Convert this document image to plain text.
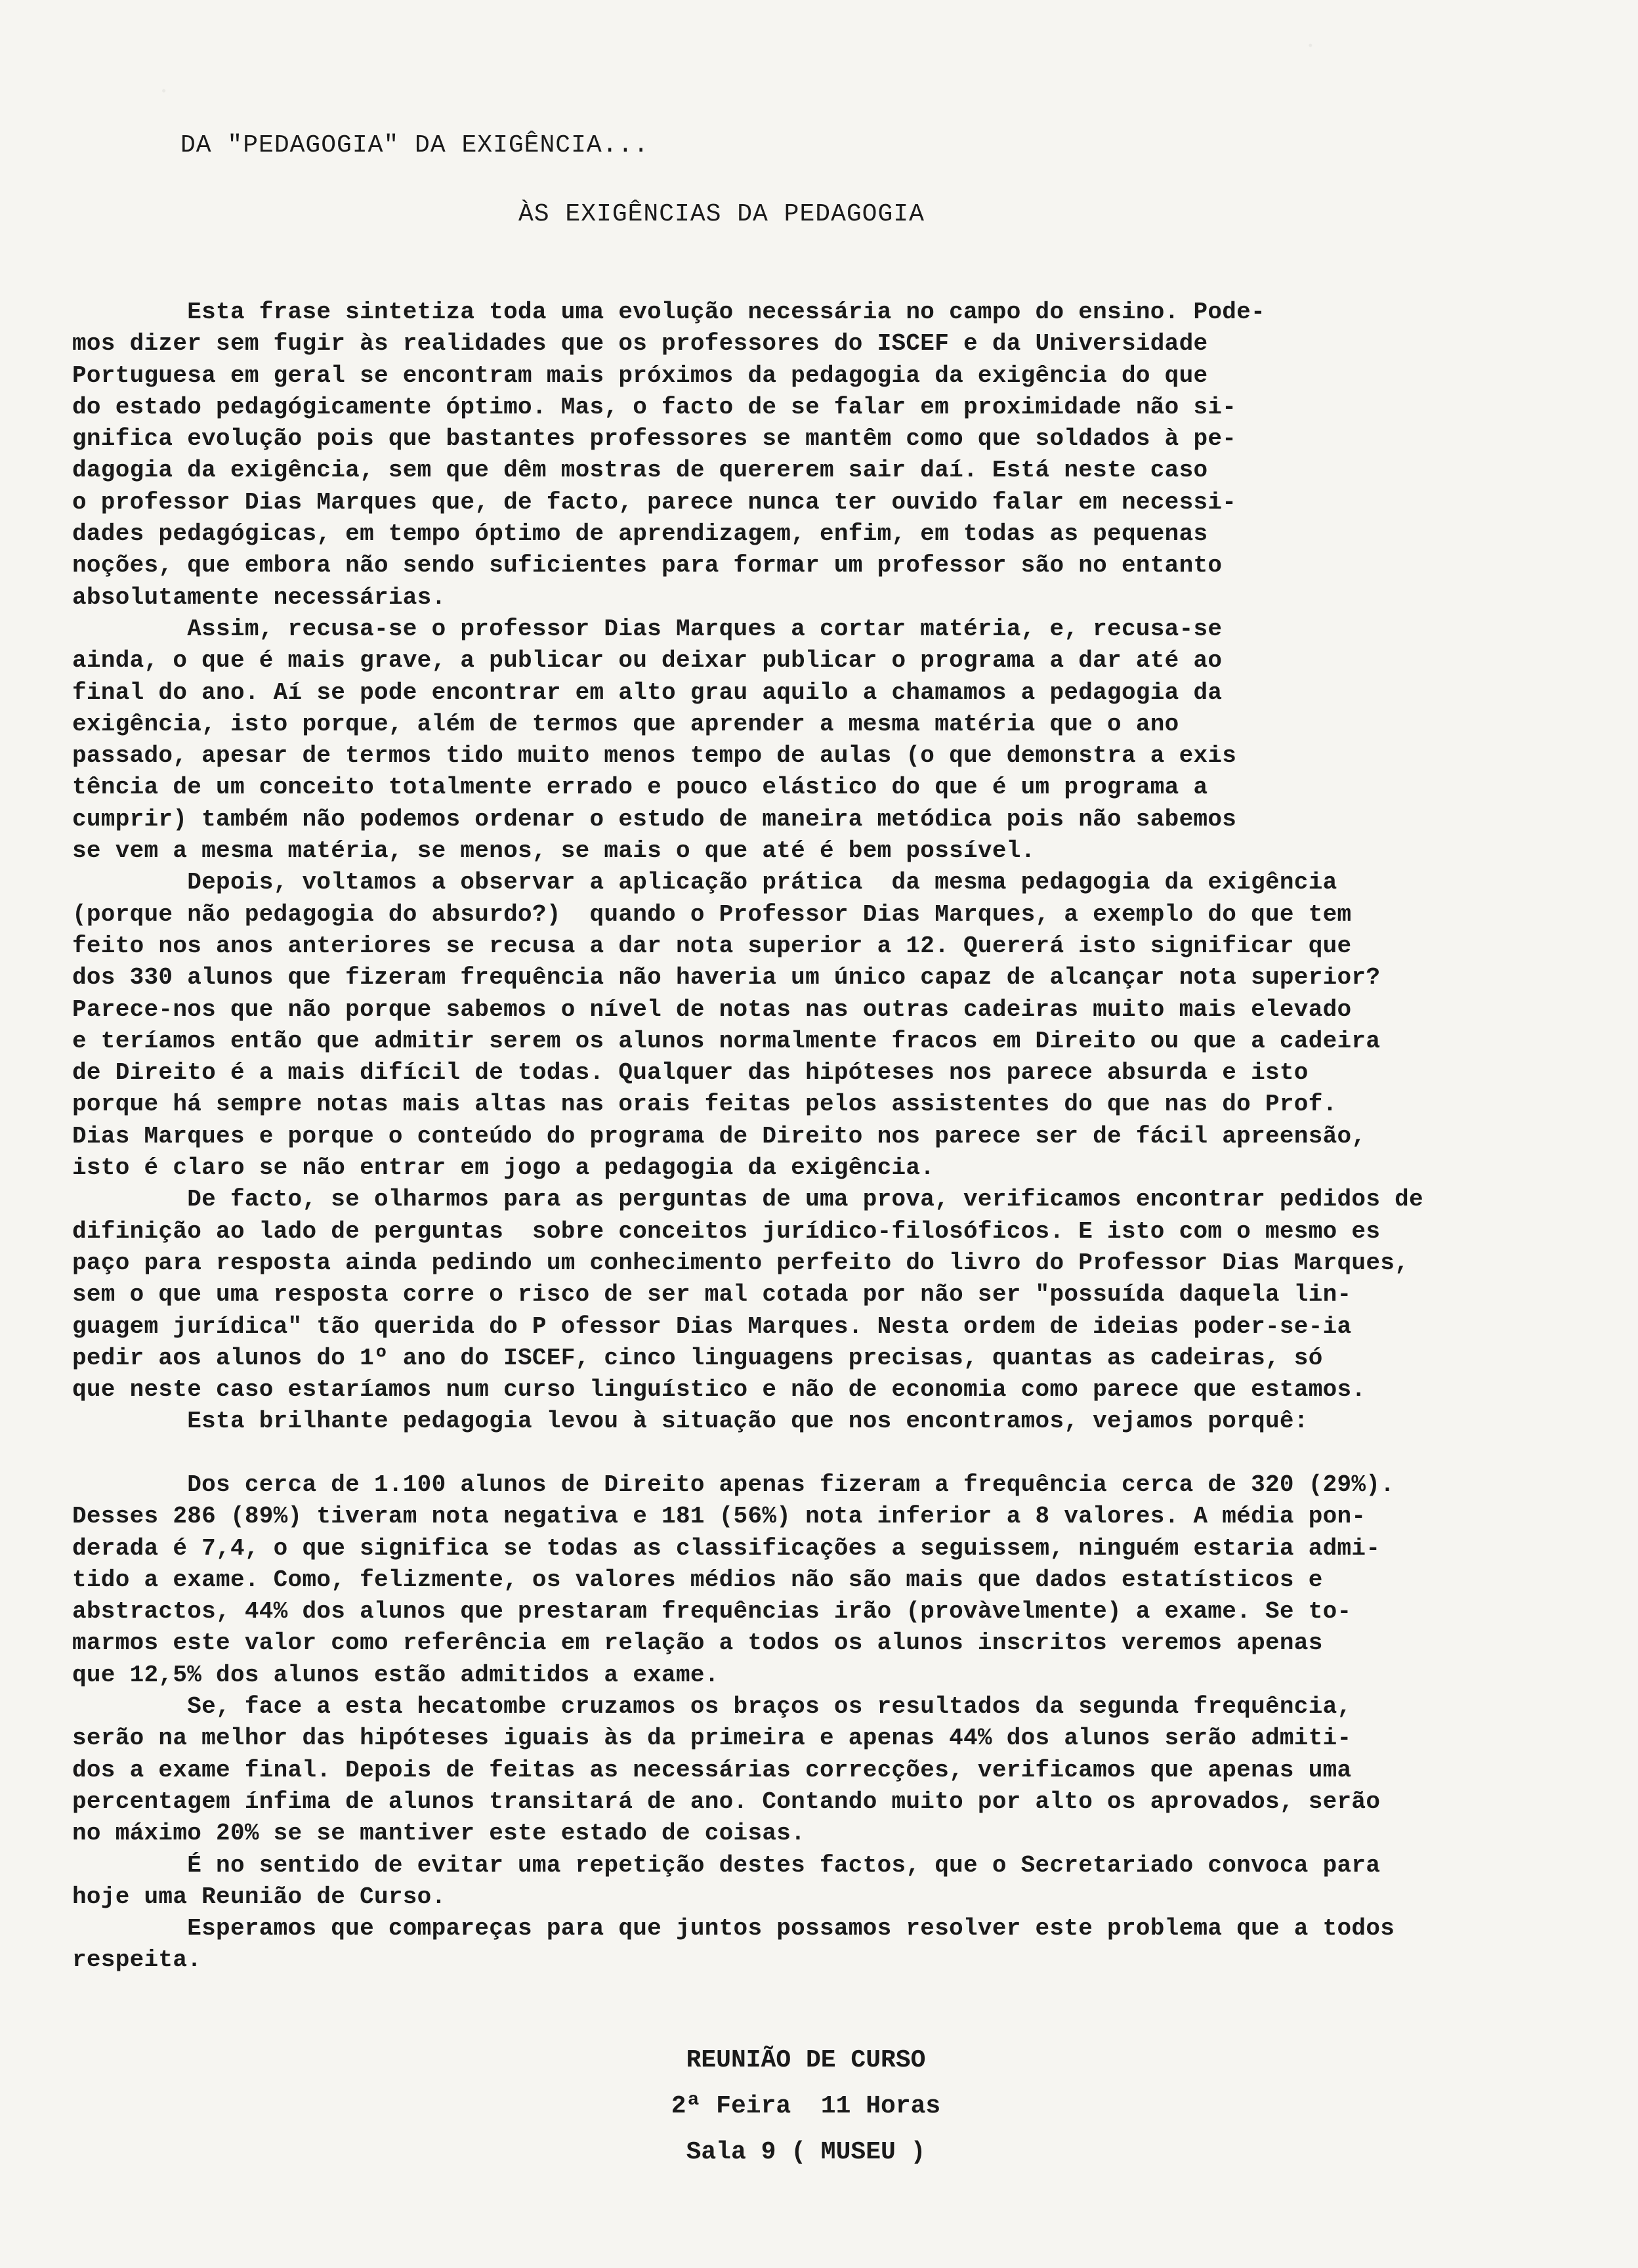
DA "PEDAGOGIA" DA EXIGÊNCIA...
ÀS EXIGÊNCIAS DA PEDAGOGIA
Esta frase sintetiza toda uma evolução necessária no campo do ensino. Pode-
mos dizer sem fugir às realidades que os professores do ISCEF e da Universidade
Portuguesa em geral se encontram mais próximos da pedagogia da exigência do que
do estado pedagógicamente óptimo. Mas, o facto de se falar em proximidade não si-
gnifica evolução pois que bastantes professores se mantêm como que soldados à pe-
dagogia da exigência, sem que dêm mostras de quererem sair daí. Está neste caso
o professor Dias Marques que, de facto, parece nunca ter ouvido falar em necessi-
dades pedagógicas, em tempo óptimo de aprendizagem, enfim, em todas as pequenas
noções, que embora não sendo suficientes para formar um professor são no entanto
absolutamente necessárias.
Assim, recusa-se o professor Dias Marques a cortar matéria, e, recusa-se
ainda, o que é mais grave, a publicar ou deixar publicar o programa a dar até ao
final do ano. Aí se pode encontrar em alto grau aquilo a chamamos a pedagogia da
exigência, isto porque, além de termos que aprender a mesma matéria que o ano
passado, apesar de termos tido muito menos tempo de aulas (o que demonstra a exis
tência de um conceito totalmente errado e pouco elástico do que é um programa a
cumprir) também não podemos ordenar o estudo de maneira metódica pois não sabemos
se vem a mesma matéria, se menos, se mais o que até é bem possível.
Depois, voltamos a observar a aplicação prática  da mesma pedagogia da exigência
(porque não pedagogia do absurdo?)  quando o Professor Dias Marques, a exemplo do que tem
feito nos anos anteriores se recusa a dar nota superior a 12. Quererá isto significar que
dos 330 alunos que fizeram frequência não haveria um único capaz de alcançar nota superior?
Parece-nos que não porque sabemos o nível de notas nas outras cadeiras muito mais elevado
e teríamos então que admitir serem os alunos normalmente fracos em Direito ou que a cadeira
de Direito é a mais difícil de todas. Qualquer das hipóteses nos parece absurda e isto
porque há sempre notas mais altas nas orais feitas pelos assistentes do que nas do Prof.
Dias Marques e porque o conteúdo do programa de Direito nos parece ser de fácil apreensão,
isto é claro se não entrar em jogo a pedagogia da exigência.
De facto, se olharmos para as perguntas de uma prova, verificamos encontrar pedidos de
difinição ao lado de perguntas  sobre conceitos jurídico-filosóficos. E isto com o mesmo es
paço para resposta ainda pedindo um conhecimento perfeito do livro do Professor Dias Marques,
sem o que uma resposta corre o risco de ser mal cotada por não ser "possuída daquela lin-
guagem jurídica" tão querida do P ofessor Dias Marques. Nesta ordem de ideias poder-se-ia
pedir aos alunos do 1º ano do ISCEF, cinco linguagens precisas, quantas as cadeiras, só
que neste caso estaríamos num curso linguístico e não de economia como parece que estamos.
Esta brilhante pedagogia levou à situação que nos encontramos, vejamos porquê:
Dos cerca de 1.100 alunos de Direito apenas fizeram a frequência cerca de 320 (29%).
Desses 286 (89%) tiveram nota negativa e 181 (56%) nota inferior a 8 valores. A média pon-
derada é 7,4, o que significa se todas as classificações a seguissem, ninguém estaria admi-
tido a exame. Como, felizmente, os valores médios não são mais que dados estatísticos e
abstractos, 44% dos alunos que prestaram frequências irão (provàvelmente) a exame. Se to-
marmos este valor como referência em relação a todos os alunos inscritos veremos apenas
que 12,5% dos alunos estão admitidos a exame.
Se, face a esta hecatombe cruzamos os braços os resultados da segunda frequência,
serão na melhor das hipóteses iguais às da primeira e apenas 44% dos alunos serão admiti-
dos a exame final. Depois de feitas as necessárias correcções, verificamos que apenas uma
percentagem ínfima de alunos transitará de ano. Contando muito por alto os aprovados, serão
no máximo 20% se se mantiver este estado de coisas.
É no sentido de evitar uma repetição destes factos, que o Secretariado convoca para
hoje uma Reunião de Curso.
Esperamos que compareças para que juntos possamos resolver este problema que a todos
respeita.
REUNIÃO DE CURSO
2ª Feira  11 Horas
Sala 9 ( MUSEU )
